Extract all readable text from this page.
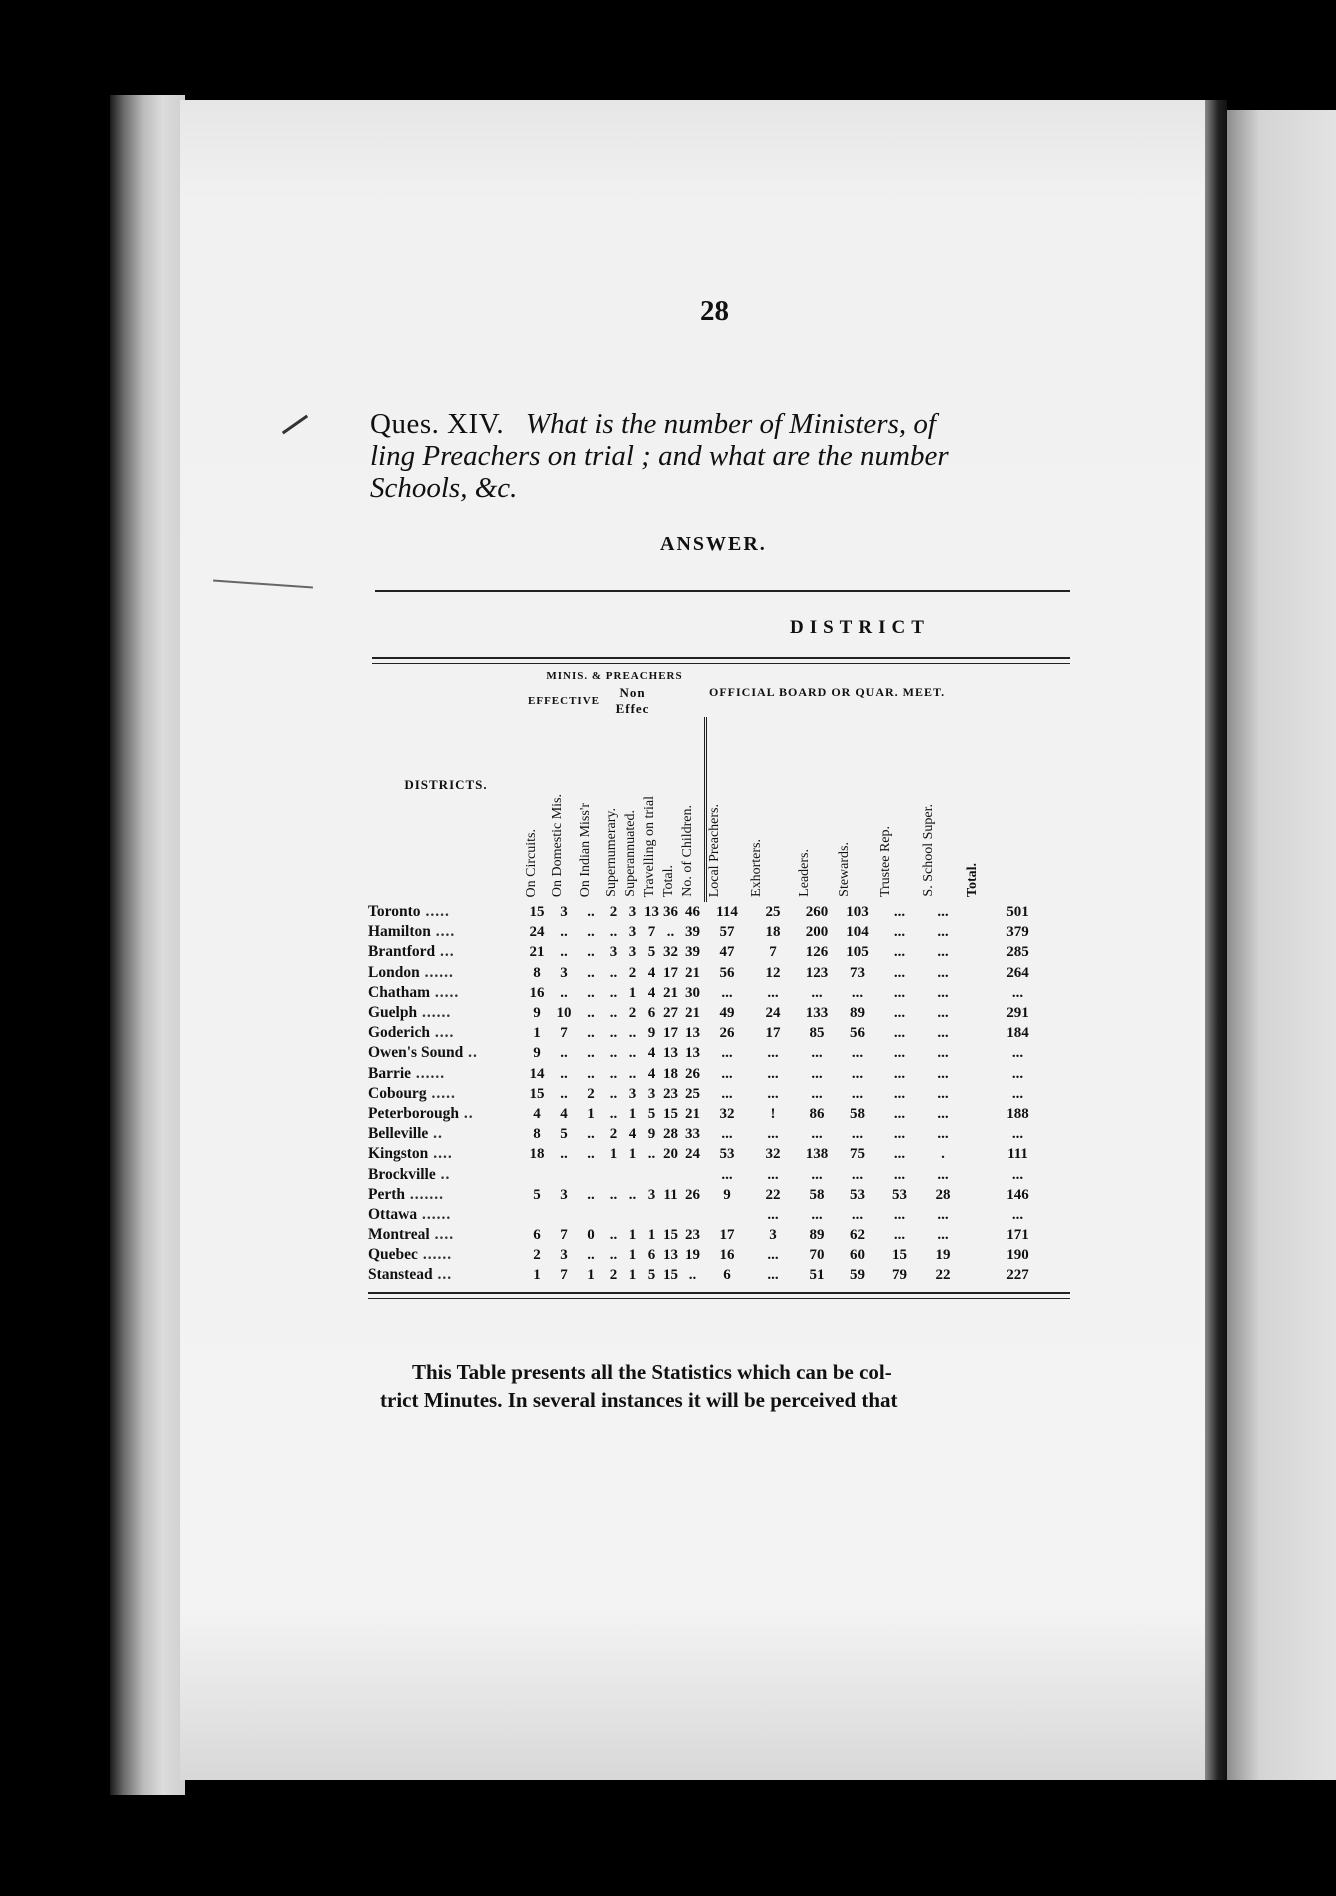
28
Ques. XIV. What is the number of Ministers, of
ling Preachers on trial ; and what are the number
Schools, &c.
ANSWER.
DISTRICT
DISTRICTS.	MINIS. & PREACHERS								OFFICIAL BOARD OR QUAR. MEET.						
	EFFECTIVE			Non Effec											
	On Circuits.	On Domestic Mis.	On Indian Miss'r	Supernumerary.	Superannuated.	Travelling on trial	Total.	No. of Children.	Local Preachers.	Exhorters.	Leaders.	Stewards.	Trustee Rep.	S. School Super.	Total.
Toronto .....	15	3	..	2	3	13	36	46	114	25	260	103	...	...	501
Hamilton ....	24	..	..	..	3	7	..	39	57	18	200	104	...	...	379
Brantford ...	21	..	..	3	3	5	32	39	47	7	126	105	...	...	285
London ......	8	3	..	..	2	4	17	21	56	12	123	73	...	...	264
Chatham .....	16	..	..	..	1	4	21	30	...	...	...	...	...	...	...
Guelph ......	9	10	..	..	2	6	27	21	49	24	133	89	...	...	291
Goderich ....	1	7	..	..	..	9	17	13	26	17	85	56	...	...	184
Owen's Sound ..	9	..	..	..	..	4	13	13	...	...	...	...	...	...	...
Barrie ......	14	..	..	..	..	4	18	26	...	...	...	...	...	...	...
Cobourg .....	15	..	2	..	3	3	23	25	...	...	...	...	...	...	...
Peterborough ..	4	4	1	..	1	5	15	21	32	!	86	58	...	...	188
Belleville ..	8	5	..	2	4	9	28	33	...	...	...	...	...	...	...
Kingston ....	18	..	..	1	1	..	20	24	53	32	138	75	...	.	111
Brockville ..									...	...	...	...	...	...	...
Perth .......	5	3	..	..	..	3	11	26	9	22	58	53	53	28	146
Ottawa ......										...	...	...	...	...	...
Montreal ....	6	7	0	..	1	1	15	23	17	3	89	62	...	...	171
Quebec ......	2	3	..	..	1	6	13	19	16	...	70	60	15	19	190
Stanstead ...	1	7	1	2	1	5	15	..	6	...	51	59	79	22	227
This Table presents all the Statistics which can be col-
trict Minutes. In several instances it will be perceived that
